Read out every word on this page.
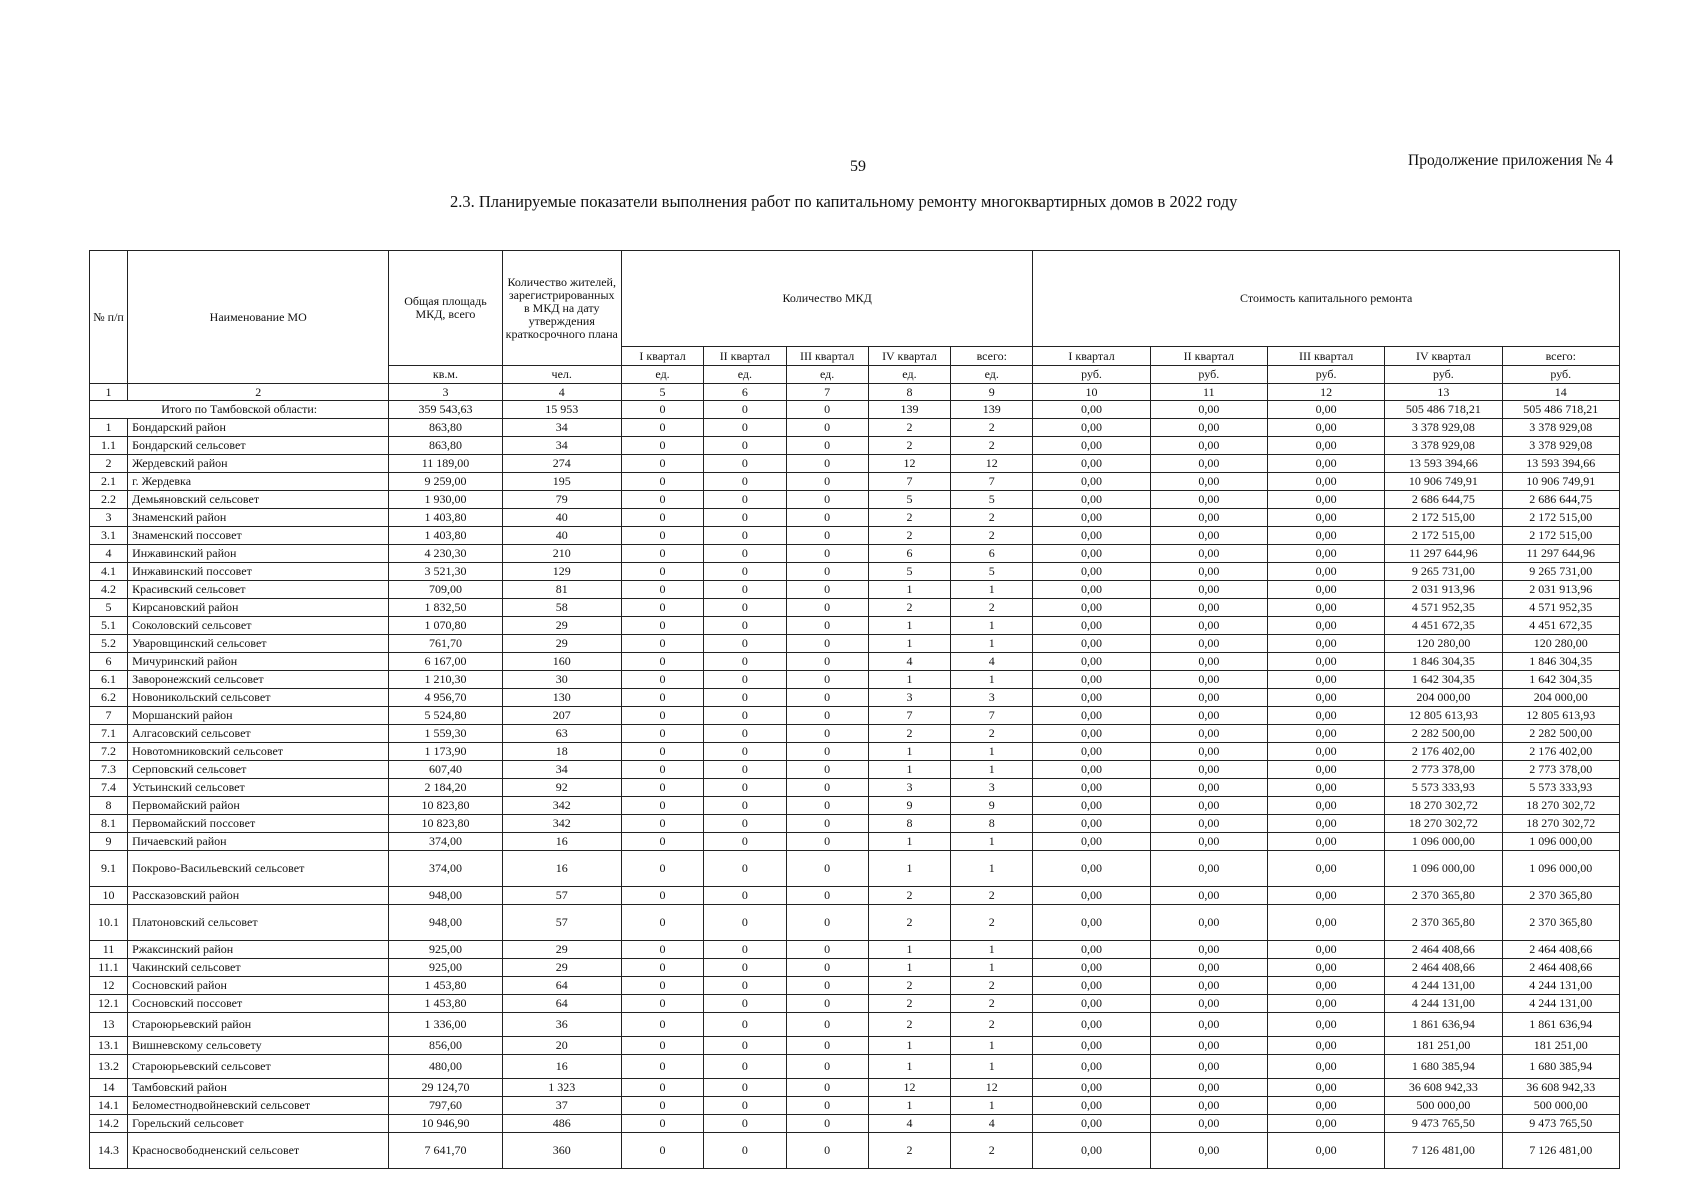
59	Продолжение приложения № 4
2.3. Планируемые показатели выполнения работ по капитальному ремонту многоквартирных домов в 2022 году
№ п/п	Наименование МО	Общая площадь МКД, всего	Количество жителей, зарегистрированных в МКД на дату утверждения краткосрочного плана	Количество МКД					Стоимость капитального ремонта				
				I квартал	II квартал	III квартал	IV квартал	всего:	I квартал	II квартал	III квартал	IV квартал	всего:
		кв.м.	чел.	ед.	ед.	ед.	ед.	ед.	руб.	руб.	руб.	руб.	руб.
1	2	3	4	5	6	7	8	9	10	11	12	13	14
Итого по Тамбовской области:		359 543,63	15 953	0	0	0	139	139	0,00	0,00	0,00	505 486 718,21	505 486 718,21
1	Бондарский район	863,80	34	0	0	0	2	2	0,00	0,00	0,00	3 378 929,08	3 378 929,08
1.1	Бондарский сельсовет	863,80	34	0	0	0	2	2	0,00	0,00	0,00	3 378 929,08	3 378 929,08
2	Жердевский район	11 189,00	274	0	0	0	12	12	0,00	0,00	0,00	13 593 394,66	13 593 394,66
2.1	г. Жердевка	9 259,00	195	0	0	0	7	7	0,00	0,00	0,00	10 906 749,91	10 906 749,91
2.2	Демьяновский сельсовет	1 930,00	79	0	0	0	5	5	0,00	0,00	0,00	2 686 644,75	2 686 644,75
3	Знаменский район	1 403,80	40	0	0	0	2	2	0,00	0,00	0,00	2 172 515,00	2 172 515,00
3.1	Знаменский поссовет	1 403,80	40	0	0	0	2	2	0,00	0,00	0,00	2 172 515,00	2 172 515,00
4	Инжавинский район	4 230,30	210	0	0	0	6	6	0,00	0,00	0,00	11 297 644,96	11 297 644,96
4.1	Инжавинский поссовет	3 521,30	129	0	0	0	5	5	0,00	0,00	0,00	9 265 731,00	9 265 731,00
4.2	Красивский сельсовет	709,00	81	0	0	0	1	1	0,00	0,00	0,00	2 031 913,96	2 031 913,96
5	Кирсановский район	1 832,50	58	0	0	0	2	2	0,00	0,00	0,00	4 571 952,35	4 571 952,35
5.1	Соколовский сельсовет	1 070,80	29	0	0	0	1	1	0,00	0,00	0,00	4 451 672,35	4 451 672,35
5.2	Уваровщинский сельсовет	761,70	29	0	0	0	1	1	0,00	0,00	0,00	120 280,00	120 280,00
6	Мичуринский район	6 167,00	160	0	0	0	4	4	0,00	0,00	0,00	1 846 304,35	1 846 304,35
6.1	Заворонежский сельсовет	1 210,30	30	0	0	0	1	1	0,00	0,00	0,00	1 642 304,35	1 642 304,35
6.2	Новоникольский сельсовет	4 956,70	130	0	0	0	3	3	0,00	0,00	0,00	204 000,00	204 000,00
7	Моршанский район	5 524,80	207	0	0	0	7	7	0,00	0,00	0,00	12 805 613,93	12 805 613,93
7.1	Алгасовский сельсовет	1 559,30	63	0	0	0	2	2	0,00	0,00	0,00	2 282 500,00	2 282 500,00
7.2	Новотомниковский сельсовет	1 173,90	18	0	0	0	1	1	0,00	0,00	0,00	2 176 402,00	2 176 402,00
7.3	Серповский сельсовет	607,40	34	0	0	0	1	1	0,00	0,00	0,00	2 773 378,00	2 773 378,00
7.4	Устьинский сельсовет	2 184,20	92	0	0	0	3	3	0,00	0,00	0,00	5 573 333,93	5 573 333,93
8	Первомайский район	10 823,80	342	0	0	0	9	9	0,00	0,00	0,00	18 270 302,72	18 270 302,72
8.1	Первомайский поссовет	10 823,80	342	0	0	0	8	8	0,00	0,00	0,00	18 270 302,72	18 270 302,72
9	Пичаевский район	374,00	16	0	0	0	1	1	0,00	0,00	0,00	1 096 000,00	1 096 000,00
9.1	Покрово-Васильевский сельсовет	374,00	16	0	0	0	1	1	0,00	0,00	0,00	1 096 000,00	1 096 000,00
10	Рассказовский район	948,00	57	0	0	0	2	2	0,00	0,00	0,00	2 370 365,80	2 370 365,80
10.1	Платоновский сельсовет	948,00	57	0	0	0	2	2	0,00	0,00	0,00	2 370 365,80	2 370 365,80
11	Ржаксинский район	925,00	29	0	0	0	1	1	0,00	0,00	0,00	2 464 408,66	2 464 408,66
11.1	Чакинский сельсовет	925,00	29	0	0	0	1	1	0,00	0,00	0,00	2 464 408,66	2 464 408,66
12	Сосновский район	1 453,80	64	0	0	0	2	2	0,00	0,00	0,00	4 244 131,00	4 244 131,00
12.1	Сосновский поссовет	1 453,80	64	0	0	0	2	2	0,00	0,00	0,00	4 244 131,00	4 244 131,00
13	Староюрьевский район	1 336,00	36	0	0	0	2	2	0,00	0,00	0,00	1 861 636,94	1 861 636,94
13.1	Вишневскому сельсовету	856,00	20	0	0	0	1	1	0,00	0,00	0,00	181 251,00	181 251,00
13.2	Староюрьевский сельсовет	480,00	16	0	0	0	1	1	0,00	0,00	0,00	1 680 385,94	1 680 385,94
14	Тамбовский район	29 124,70	1 323	0	0	0	12	12	0,00	0,00	0,00	36 608 942,33	36 608 942,33
14.1	Беломестнодвойневский сельсовет	797,60	37	0	0	0	1	1	0,00	0,00	0,00	500 000,00	500 000,00
14.2	Горельский сельсовет	10 946,90	486	0	0	0	4	4	0,00	0,00	0,00	9 473 765,50	9 473 765,50
14.3	Красносвободненский сельсовет	7 641,70	360	0	0	0	2	2	0,00	0,00	0,00	7 126 481,00	7 126 481,00
